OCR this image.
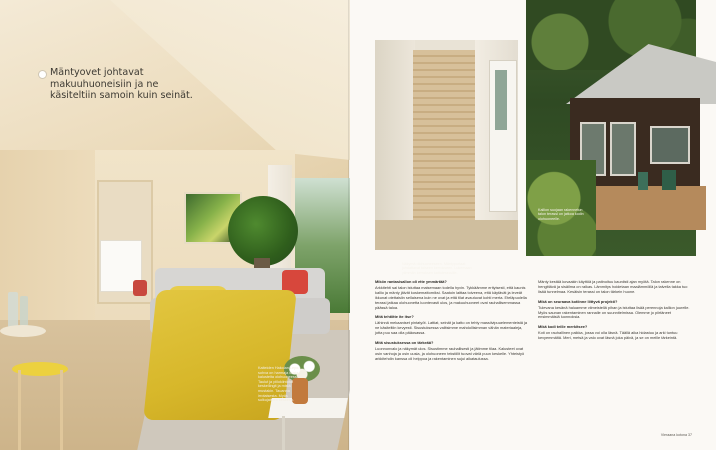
Mäntyovet johtavat makuuhuoneisiin ja ne käsiteltiin samoin kuin seinät.

Kaiteiden Hakolan Lepo-sohva on harmaja uusia kalusteita olohuoneessa. Taulut ja piilokiintotat keskellingit ja mistä mustakin. Tauanna irrotaisesta. Myös sulkujaisten keskeen.

Näkymä olohuoneeseen. Mäntyportaat johdattavat toiseen kerrokseen. Lukemaan ylimmän kerroksen kattoterassille.

Kallion suojaan rakennetun talon terassi on jatkoa kodin olohuoneelle.

Mikön rantasisallon oli ette ymmärtää?

Arkkitehti sai talon istuttaa maisemaan todella hyvin. Tykkäämme erityisesti, että kaunis kallio ja mänty jäivät koskemattomiksi. Saatoin laittaa toiveena, että käytävät ja leveät ikkunat otettaisiin sellaisena kuin ne ovat ja että tilat avautuvat kohti merta. Eteläpuolella terassi jatkaa olohuonetta luontevasti ulos, ja makuuhuoneet ovat rauhallisemmassa päässä taloa.

Mitä tehtiitte ite itse?

Lähinnä mekaaniset pintatyöt. Lattiat, seinät ja katto on tehty massiivipuuelementeistä ja ne käsiteltiin kevyesti. Sisustuksessa valitsimme mahdollisimman vähän materiaaleja, jotta puu saa olla pääosassa.

Mitä sisustuksessa on tärkeää?

Luonnonvalo ja näkymät ulos. Sisustimme rauhallisesti ja jätimme tilaa. Kalusteet ovat osin vanhoja ja osin uusia, ja olohuoneen tekstiilit tuovat väriä puun keskelle. Yhteistyö arkkitehdin kanssa oli helppoa ja rakentaminen sujui aikataulussa.

Mänty kestää kovaakin käyttöä ja patinoituu kauniisti ajan myötä. Talon rakenne on hengittävä ja sisäilma on raikas. Lämmitys hoidetaan maalämmöllä ja talvella takka tuo lisää tunnelmaa. Kesäisin terassi on talon tärkein huone.

Mikä on seuraava kotiinne liittyvä projekti?

Tulevana kesänä haluamme viimeistellä pihan ja istuttaa lisää perennoja kallion juurelle. Myös saunan rakentaminen rannalle on suunnitelmissa. Olemme jo piirtäneet ensimmäisiä luonnoksia.

Mikä kodi teille merkitsee?

Koti on rauhallinen paikka, jossa voi olla läsnä. Täällä aika hidastuu ja arki tuntuu kevyemmältä. Meri, metsä ja valo ovat läsnä joka päivä, ja se on meille tärkeintä.

Vieraana kotona 37
